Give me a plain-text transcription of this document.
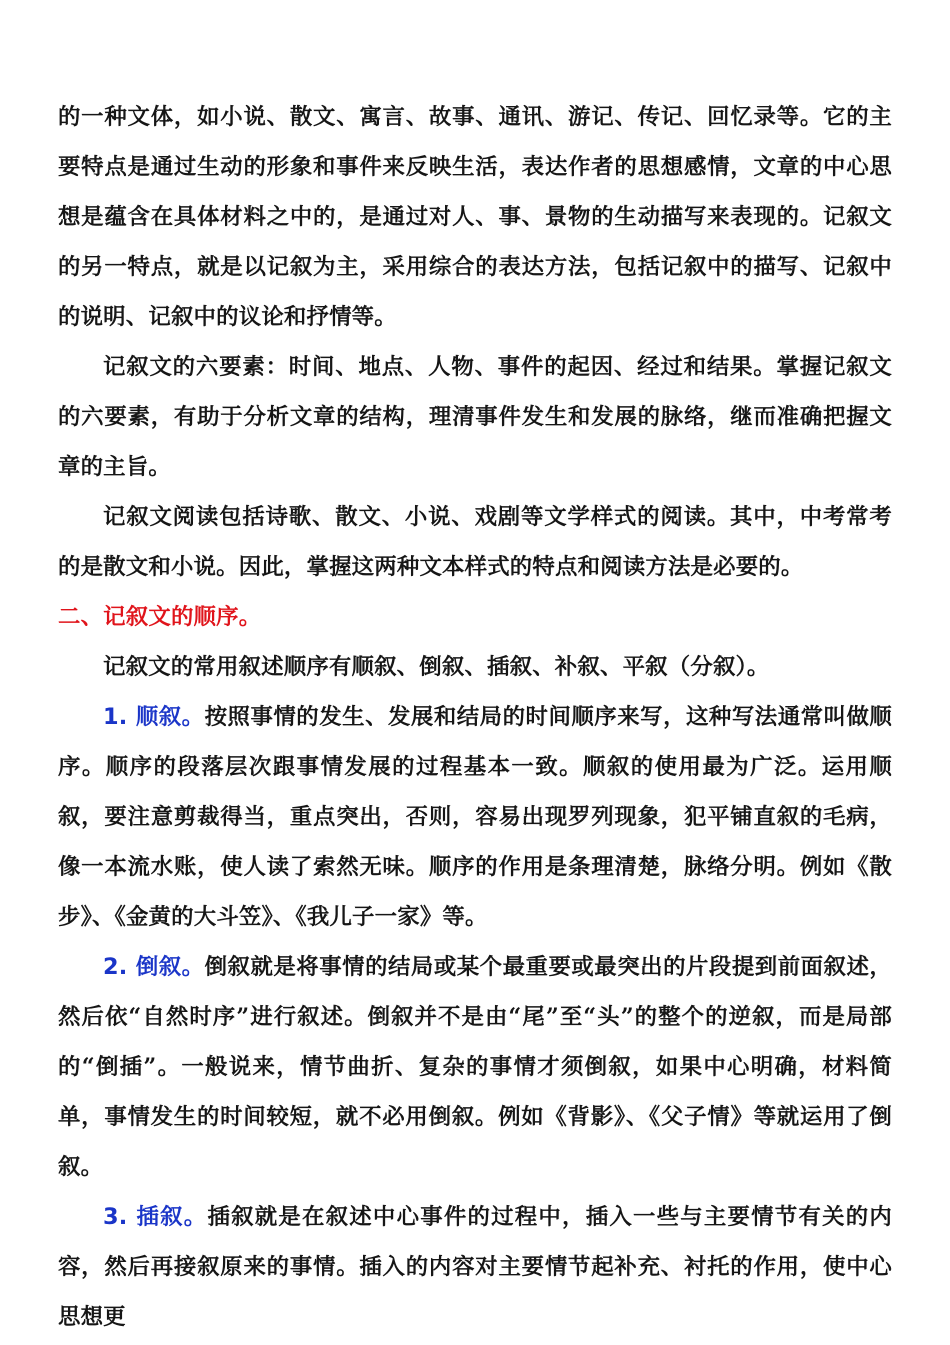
的一种文体，如小说、散文、寓言、故事、通讯、游记、传记、回忆录等。它的主要特点是通过生动的形象和事件来反映生活，表达作者的思想感情，文章的中心思想是蕴含在具体材料之中的，是通过对人、事、景物的生动描写来表现的。记叙文的另一特点，就是以记叙为主，采用综合的表达方法，包括记叙中的描写、记叙中的说明、记叙中的议论和抒情等。

记叙文的六要素：时间、地点、人物、事件的起因、经过和结果。掌握记叙文的六要素，有助于分析文章的结构，理清事件发生和发展的脉络，继而准确把握文章的主旨。

记叙文阅读包括诗歌、散文、小说、戏剧等文学样式的阅读。其中，中考常考的是散文和小说。因此，掌握这两种文本样式的特点和阅读方法是必要的。

二、记叙文的顺序。

记叙文的常用叙述顺序有顺叙、倒叙、插叙、补叙、平叙（分叙）。

1. 顺叙。按照事情的发生、发展和结局的时间顺序来写，这种写法通常叫做顺序。顺序的段落层次跟事情发展的过程基本一致。顺叙的使用最为广泛。运用顺叙，要注意剪裁得当，重点突出，否则，容易出现罗列现象，犯平铺直叙的毛病，像一本流水账，使人读了索然无味。顺序的作用是条理清楚，脉络分明。例如《散步》、《金黄的大斗笠》、《我儿子一家》等。

2. 倒叙。倒叙就是将事情的结局或某个最重要或最突出的片段提到前面叙述，然后依“自然时序”进行叙述。倒叙并不是由“尾”至“头”的整个的逆叙，而是局部的“倒插”。一般说来，情节曲折、复杂的事情才须倒叙，如果中心明确，材料简单，事情发生的时间较短，就不必用倒叙。例如《背影》、《父子情》等就运用了倒叙。

3. 插叙。插叙就是在叙述中心事件的过程中，插入一些与主要情节有关的内容，然后再接叙原来的事情。插入的内容对主要情节起补充、衬托的作用，使中心思想更
